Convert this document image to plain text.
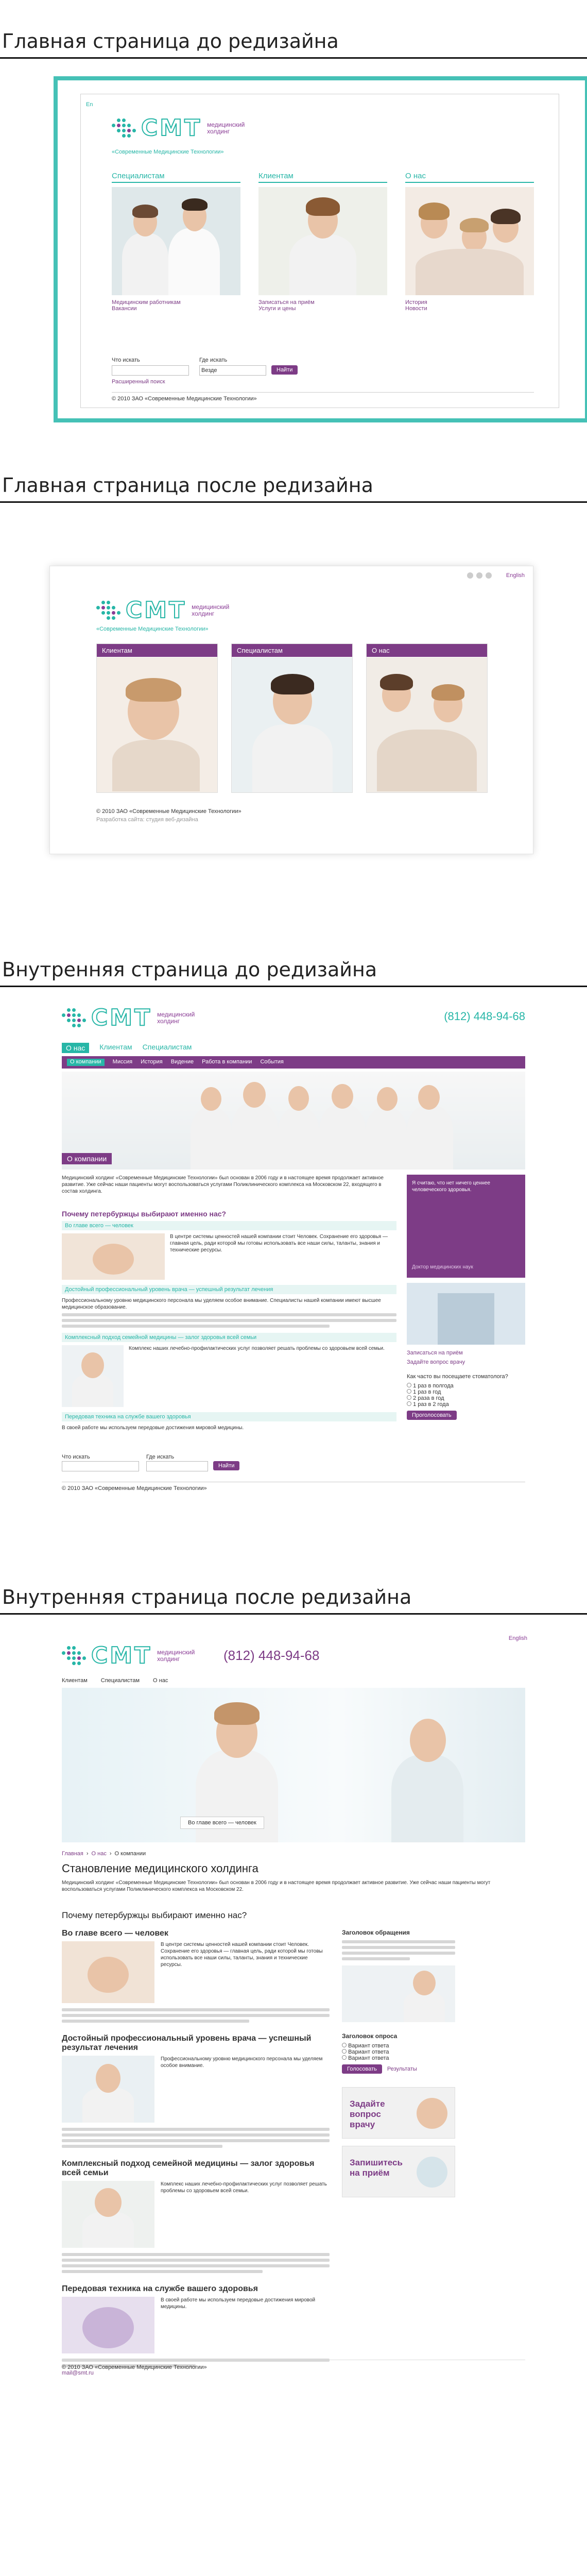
Главная страница до редизайна
En
СМТ медицинский
холдинг
«Современные Медицинские Технологии»
Специалистам
Медицинским работникам
Вакансии
Клиентам
Записаться на приём
Услуги и цены
О нас
История
Новости
Что искать	Где искать
Везде	Найти
Расширенный поиск
© 2010 ЗАО «Современные Медицинские Технологии»
Главная страница после редизайна
English
СМТ медицинский
холдинг
«Современные Медицинские Технологии»
Клиентам	Специалистам	О нас
© 2010 ЗАО «Современные Медицинские Технологии»
Разработка сайта: студия веб-дизайна
Внутренняя страница до редизайна
СМТ медицинский
холдинг	(812) 448-94-68
О нас	Клиентам Специалистам
О компании	Миссия История Видение Работа в компании События
О компании
Медицинский холдинг «Современные Медицинские Технологии» был основан в 2006 году и в настоящее время продолжает активное развитие. Уже сейчас наши пациенты могут воспользоваться услугами Поликлинического комплекса на Московском 22, входящего в состав холдинга.
Почему петербуржцы выбирают именно нас?
Во главе всего — человек
В центре системы ценностей нашей компании стоит Человек. Сохранение его здоровья — главная цель, ради которой мы готовы использовать все наши силы, таланты, знания и технические ресурсы.
Достойный профессиональный уровень врача — успешный результат лечения
Профессиональному уровню медицинского персонала мы уделяем особое внимание. Специалисты нашей компании имеют высшее медицинское образование.
Комплексный подход семейной медицины — залог здоровья всей семьи
Комплекс наших лечебно-профилактических услуг позволяет решать проблемы со здоровьем всей семьи.
Передовая техника на службе вашего здоровья
В своей работе мы используем передовые достижения мировой медицины.
Я считаю, что нет ничего ценнее человеческого здоровья.
Доктор медицинских наук
Записаться на приём
Задайте вопрос врачу
Как часто вы посещаете стоматолога?
1 раз в полгода
1 раз в год
2 раза в год
1 раз в 2 года
Проголосовать
Что искать	Где искать
Найти
© 2010 ЗАО «Современные Медицинские Технологии»
Внутренняя страница после редизайна
English
СМТ медицинский
холдинг	(812) 448-94-68
Клиентам Специалистам О нас
Во главе всего — человек
Главная › О нас › О компании
Становление медицинского холдинга
Медицинский холдинг «Современные Медицинские Технологии» был основан в 2006 году и в настоящее время продолжает активное развитие. Уже сейчас наши пациенты могут воспользоваться услугами Поликлинического комплекса на Московском 22.
Почему петербуржцы выбирают именно нас?
Во главе всего — человек
В центре системы ценностей нашей компании стоит Человек. Сохранение его здоровья — главная цель, ради которой мы готовы использовать все наши силы, таланты, знания и технические ресурсы.
Достойный профессиональный уровень врача — успешный результат лечения
Профессиональному уровню медицинского персонала мы уделяем особое внимание.
Комплексный подход семейной медицины — залог здоровья всей семьи
Комплекс наших лечебно-профилактических услуг позволяет решать проблемы со здоровьем всей семьи.
Передовая техника на службе вашего здоровья
В своей работе мы используем передовые достижения мировой медицины.
Заголовок обращения
Заголовок опроса
Вариант ответа
Вариант ответа
Вариант ответа
Голосовать	Результаты
Задайте вопрос врачу
Запишитесь на приём
© 2010 ЗАО «Современные Медицинские Технологии»
mail@smt.ru
